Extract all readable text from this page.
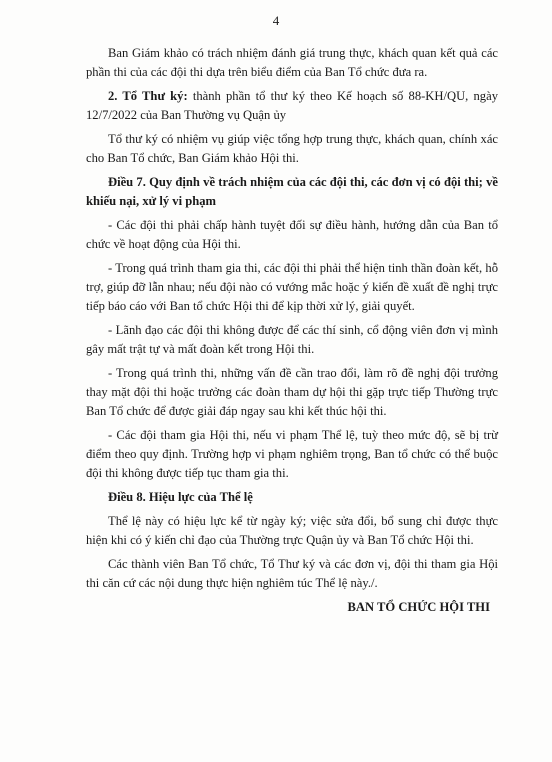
4

Ban Giám khảo có trách nhiệm đánh giá trung thực, khách quan kết quả các phần thi của các đội thi dựa trên biểu điểm của Ban Tổ chức đưa ra.

2. Tổ Thư ký: thành phần tổ thư ký theo Kế hoạch số 88-KH/QU, ngày 12/7/2022 của Ban Thường vụ Quận ủy

Tổ thư ký có nhiệm vụ giúp việc tổng hợp trung thực, khách quan, chính xác cho Ban Tổ chức, Ban Giám khảo Hội thi.

Điều 7. Quy định về trách nhiệm của các đội thi, các đơn vị có đội thi; về khiếu nại, xử lý vi phạm

- Các đội thi phải chấp hành tuyệt đối sự điều hành, hướng dẫn của Ban tổ chức về hoạt động của Hội thi.

- Trong quá trình tham gia thi, các đội thi phải thể hiện tinh thần đoàn kết, hỗ trợ, giúp đỡ lẫn nhau; nếu đội nào có vướng mắc hoặc ý kiến đề xuất đề nghị trực tiếp báo cáo với Ban tổ chức Hội thi để kịp thời xử lý, giải quyết.

- Lãnh đạo các đội thi không được để các thí sinh, cổ động viên đơn vị mình gây mất trật tự và mất đoàn kết trong Hội thi.

- Trong quá trình thi, những vấn đề cần trao đổi, làm rõ đề nghị đội trưởng thay mặt đội thi hoặc trưởng các đoàn tham dự hội thi gặp trực tiếp Thường trực Ban Tổ chức để được giải đáp ngay sau khi kết thúc hội thi.

- Các đội tham gia Hội thi, nếu vi phạm Thể lệ, tuỳ theo mức độ, sẽ bị trừ điểm theo quy định. Trường hợp vi phạm nghiêm trọng, Ban tổ chức có thể buộc đội thi không được tiếp tục tham gia thi.

Điều 8. Hiệu lực của Thể lệ

Thể lệ này có hiệu lực kể từ ngày ký; việc sửa đổi, bổ sung chỉ được thực hiện khi có ý kiến chỉ đạo của Thường trực Quận ủy và Ban Tổ chức Hội thi.

Các thành viên Ban Tổ chức, Tổ Thư ký và các đơn vị, đội thi tham gia Hội thi căn cứ các nội dung thực hiện nghiêm túc Thể lệ này./.

BAN TỔ CHỨC HỘI THI
